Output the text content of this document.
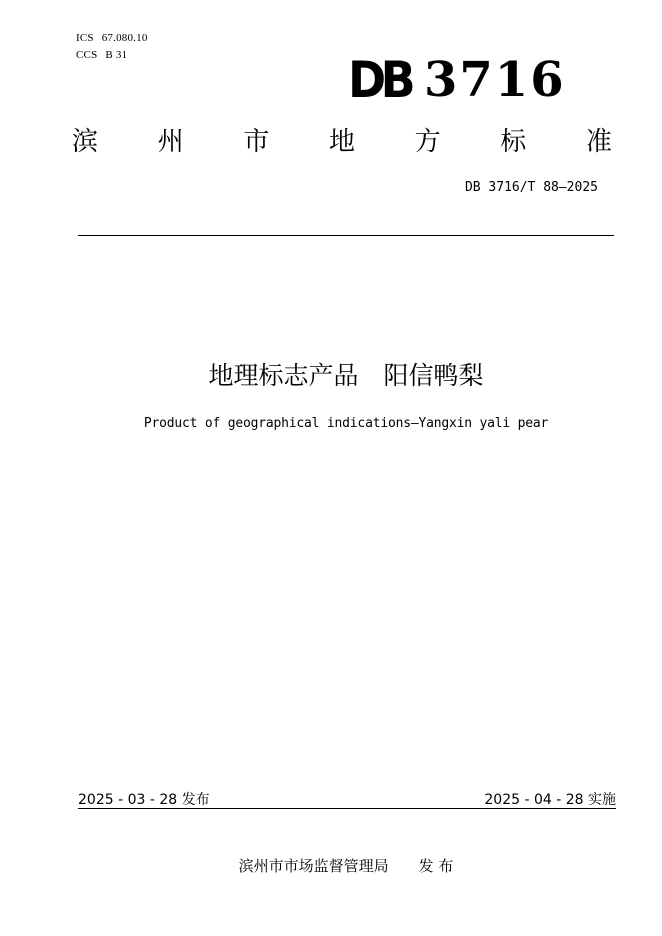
ICS 67.080.10
CCS B 31	DB 3716
滨 州 市 地 方 标 准
DB 3716/T 88—2025
地理标志产品　阳信鸭梨
Product of geographical indications—Yangxin yali pear
2025 - 03 - 28 发布	2025 - 04 - 28 实施
滨州市市场监督管理局 发 布
